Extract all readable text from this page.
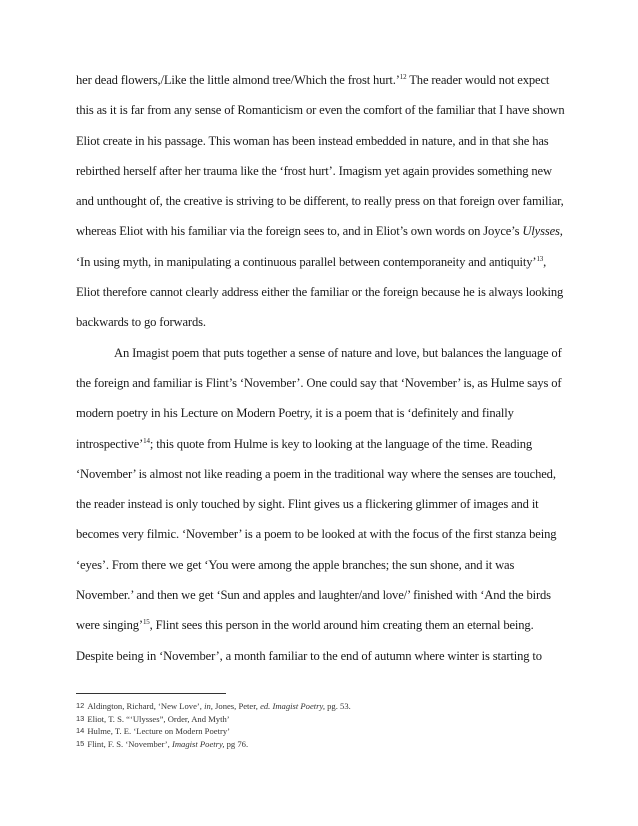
her dead flowers,/Like the little almond tree/Which the frost hurt.’$^{12}$ The reader would not expect
this as it is far from any sense of Romanticism or even the comfort of the familiar that I have shown
Eliot create in his passage. This woman has been instead embedded in nature, and in that she has
rebirthed herself after her trauma like the ‘frost hurt’. Imagism yet again provides something new
and unthought of, the creative is striving to be different, to really press on that foreign over familiar,
whereas Eliot with his familiar via the foreign sees to, and in Eliot’s own words on Joyce’s Ulysses,
‘In using myth, in manipulating a continuous parallel between contemporaneity and antiquity’$^{13}$,
Eliot therefore cannot clearly address either the familiar or the foreign because he is always looking
backwards to go forwards.
An Imagist poem that puts together a sense of nature and love, but balances the language of
the foreign and familiar is Flint’s ‘November’. One could say that ‘November’ is, as Hulme says of
modern poetry in his Lecture on Modern Poetry, it is a poem that is ‘definitely and finally
introspective’$^{14}$; this quote from Hulme is key to looking at the language of the time. Reading
‘November’ is almost not like reading a poem in the traditional way where the senses are touched,
the reader instead is only touched by sight. Flint gives us a flickering glimmer of images and it
becomes very filmic. ‘November’ is a poem to be looked at with the focus of the first stanza being
‘eyes’. From there we get ‘You were among the apple branches; the sun shone, and it was
November.’ and then we get ‘Sun and apples and laughter/and love/’ finished with ‘And the birds
were singing’$^{15}$, Flint sees this person in the world around him creating them an eternal being.
Despite being in ‘November’, a month familiar to the end of autumn where winter is starting to
$^{12}$ Aldington, Richard, ‘New Love’, in, Jones, Peter, ed. Imagist Poetry, pg. 53.
$^{13}$ Eliot, T. S. “‘Ulysses”, Order, And Myth’
$^{14}$ Hulme, T. E. ‘Lecture on Modern Poetry’
$^{15}$ Flint, F. S. ‘November’, Imagist Poetry, pg 76.
